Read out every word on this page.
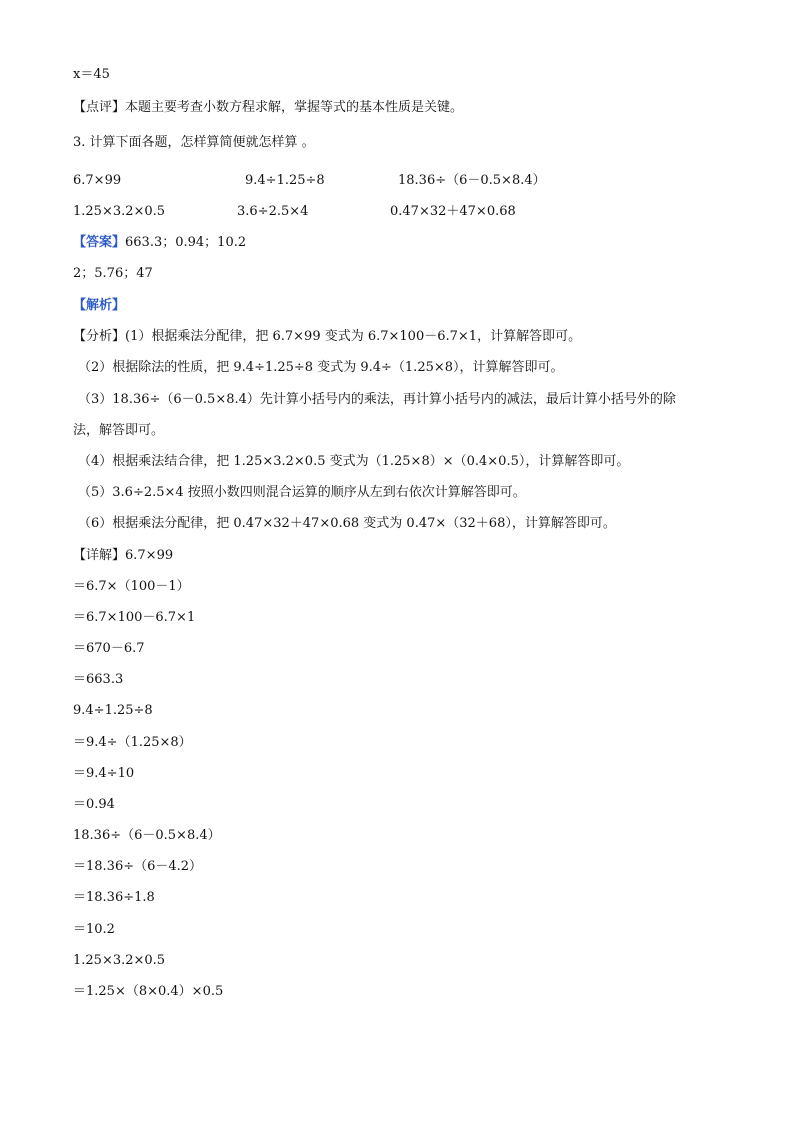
x＝45
【点评】本题主要考查小数方程求解，掌握等式的基本性质是关键。
3. 计算下面各题，怎样算简便就怎样算 。
6.7×99	9.4÷1.25÷8	18.36÷（6－0.5×8.4）
1.25×3.2×0.5	3.6÷2.5×4	0.47×32＋47×0.68
【答案】663.3；0.94；10.2
2；5.76；47
【解析】
【分析】(1）根据乘法分配律，把 6.7×99 变式为 6.7×100－6.7×1，计算解答即可。
（2）根据除法的性质，把 9.4÷1.25÷8 变式为 9.4÷（1.25×8），计算解答即可。
（3）18.36÷（6－0.5×8.4）先计算小括号内的乘法，再计算小括号内的减法，最后计算小括号外的除
法，解答即可。
（4）根据乘法结合律，把 1.25×3.2×0.5 变式为（1.25×8）×（0.4×0.5），计算解答即可。
（5）3.6÷2.5×4 按照小数四则混合运算的顺序从左到右依次计算解答即可。
（6）根据乘法分配律，把 0.47×32＋47×0.68 变式为 0.47×（32＋68），计算解答即可。
【详解】6.7×99
＝6.7×（100－1）
＝6.7×100－6.7×1
＝670－6.7
＝663.3
9.4÷1.25÷8
＝9.4÷（1.25×8）
＝9.4÷10
＝0.94
18.36÷（6－0.5×8.4）
＝18.36÷（6－4.2）
＝18.36÷1.8
＝10.2
1.25×3.2×0.5
＝1.25×（8×0.4）×0.5
